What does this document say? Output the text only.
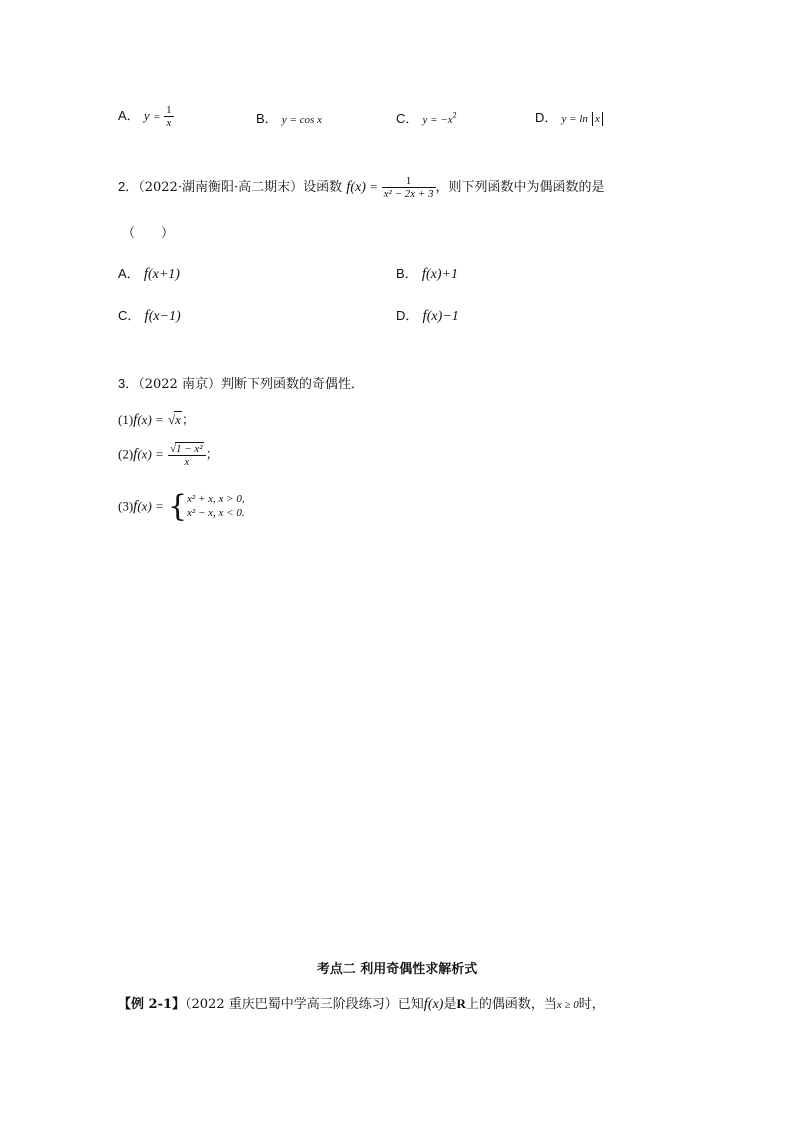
A． $y = \frac{1}{x}$	B． y = cos x	C． $y = -x^2$	D． y = ln x
2．（2022·湖南衡阳·高二期末）设函数 $f(x) = \frac{1}{\text{x² − 2x + 3}}$ ，则下列函数中为偶函数的是
（　　）
A． f(x+1)	B． f(x)+1
C． f(x−1)	D． f(x)−1
3．（2022 南京）判断下列函数的奇偶性．
(1)f(x) = √x；
$(2)f(x) = \frac{\text{√1 − x²}}{x}$ ；
(3)f(x) = { x² + x, x > 0,
x² − x, x < 0.
考点二 利用奇偶性求解析式
【例 2-1】（2022 重庆巴蜀中学高三阶段练习）已知f(x)是R上的偶函数，当x ≥ 0时，
